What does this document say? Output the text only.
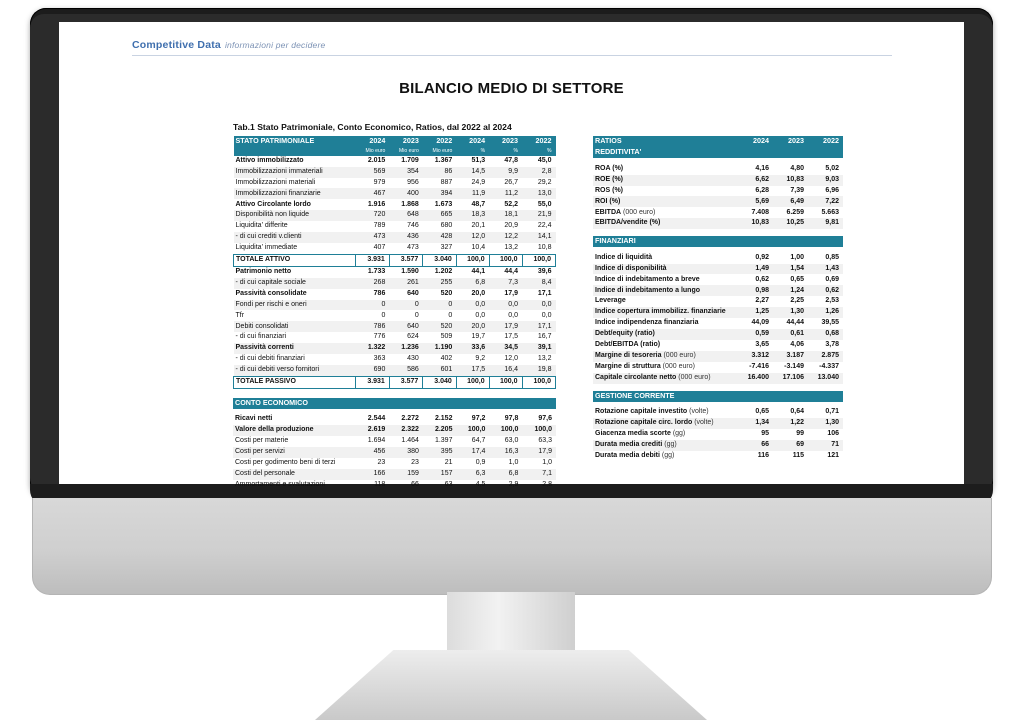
Competitive Data informazioni per decidere
BILANCIO MEDIO DI SETTORE
Tab.1 Stato Patrimoniale, Conto Economico, Ratios, dal 2022 al 2024
STATO PATRIMONIALE	2024	2023	2022	2024	2023	2022
	Mio euro	Mio euro	Mio euro	%	%	%
Attivo immobilizzato	2.015	1.709	1.367	51,3	47,8	45,0
Immobilizzazioni immateriali	569	354	86	14,5	9,9	2,8
Immobilizzazioni materiali	979	956	887	24,9	26,7	29,2
Immobilizzazioni finanziarie	467	400	394	11,9	11,2	13,0
Attivo Circolante lordo	1.916	1.868	1.673	48,7	52,2	55,0
Disponibilità non liquide	720	648	665	18,3	18,1	21,9
Liquidita' differite	789	746	680	20,1	20,9	22,4
- di cui crediti v.clienti	473	436	428	12,0	12,2	14,1
Liquidita' immediate	407	473	327	10,4	13,2	10,8
TOTALE ATTIVO	3.931	3.577	3.040	100,0	100,0	100,0
Patrimonio netto	1.733	1.590	1.202	44,1	44,4	39,6
- di cui capitale sociale	268	261	255	6,8	7,3	8,4
Passività consolidate	786	640	520	20,0	17,9	17,1
Fondi per rischi e oneri	0	0	0	0,0	0,0	0,0
Tfr	0	0	0	0,0	0,0	0,0
Debiti consolidati	786	640	520	20,0	17,9	17,1
- di cui finanziari	776	624	509	19,7	17,5	16,7
Passività correnti	1.322	1.236	1.190	33,6	34,5	39,1
- di cui debiti finanziari	363	430	402	9,2	12,0	13,2
- di cui debiti verso fornitori	690	586	601	17,5	16,4	19,8
TOTALE PASSIVO	3.931	3.577	3.040	100,0	100,0	100,0
CONTO ECONOMICO						

Ricavi netti	2.544	2.272	2.152	97,2	97,8	97,6
Valore della produzione	2.619	2.322	2.205	100,0	100,0	100,0
Costi per materie	1.694	1.464	1.397	64,7	63,0	63,3
Costi per servizi	456	380	395	17,4	16,3	17,9
Costi per godimento beni di terzi	23	23	21	0,9	1,0	1,0
Costi del personale	166	159	157	6,3	6,8	7,1
Ammortamenti e svalutazioni	118	66	63	4,5	2,9	2,8
RATIOS	2024	2023	2022
REDDITIVITA'			

ROA (%)	4,16	4,80	5,02
ROE (%)	6,62	10,83	9,03
ROS (%)	6,28	7,39	6,96
ROI (%)	5,69	6,49	7,22
EBITDA (000 euro)	7.408	6.259	5.663
EBITDA/vendite (%)	10,83	10,25	9,81

FINANZIARI			

Indice di liquidità	0,92	1,00	0,85
Indice di disponibilità	1,49	1,54	1,43
Indice di indebitamento a breve	0,62	0,65	0,69
Indice di indebitamento a lungo	0,98	1,24	0,62
Leverage	2,27	2,25	2,53
Indice copertura immobilizz. finanziarie	1,25	1,30	1,26
Indice indipendenza finanziaria	44,09	44,44	39,55
Debt/equity (ratio)	0,59	0,61	0,68
Debt/EBITDA (ratio)	3,65	4,06	3,78
Margine di tesoreria (000 euro)	3.312	3.187	2.875
Margine di struttura (000 euro)	-7.416	-3.149	-4.337
Capitale circolante netto (000 euro)	16.400	17.106	13.040

GESTIONE CORRENTE			

Rotazione capitale investito (volte)	0,65	0,64	0,71
Rotazione capitale circ. lordo (volte)	1,34	1,22	1,30
Giacenza media scorte (gg)	95	99	106
Durata media crediti (gg)	66	69	71
Durata media debiti (gg)	116	115	121
